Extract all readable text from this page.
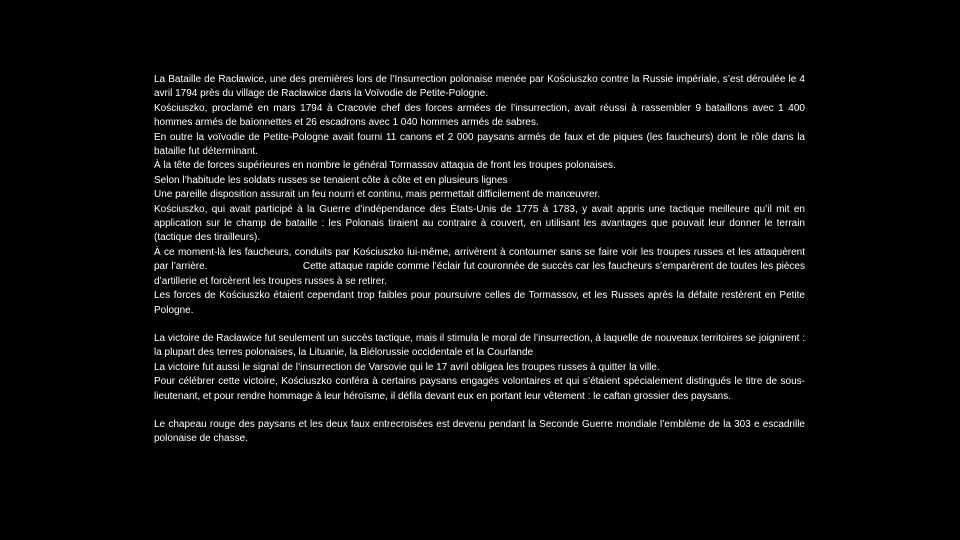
La Bataille de Racławice, une des premières lors de l’Insurrection polonaise menée par Kościuszko contre la Russie impériale, s’est déroulée le 4 avril 1794 près du village de Racławice dans la Voïvodie de Petite-Pologne.

Kościuszko, proclamé en mars 1794 à Cracovie chef des forces armées de l’insurrection, avait réussi à rassembler 9 bataillons avec 1 400 hommes armés de baïonnettes et 26 escadrons avec 1 040 hommes armés de sabres.

En outre la voïvodie de Petite-Pologne avait fourni 11 canons et 2 000 paysans armés de faux et de piques (les faucheurs) dont le rôle dans la bataille fut déterminant.

À la tête de forces supérieures en nombre le général Tormassov attaqua de front les troupes polonaises.

Selon l’habitude les soldats russes se tenaient côte à côte et en plusieurs lignes

Une pareille disposition assurait un feu nourri et continu, mais permettait difficilement de manœuvrer.

Kościuszko, qui avait participé à la Guerre d’indépendance des États-Unis de 1775 à 1783, y avait appris une tactique meilleure qu’il mit en application sur le champ de bataille : les Polonais tiraient au contraire à couvert, en utilisant les avantages que pouvait leur donner le terrain (tactique des tirailleurs).

À ce moment-là les faucheurs, conduits par Kościuszko lui-même, arrivèrent à contourner sans se faire voir les troupes russes et les attaquèrent par l’arrière.                                 Cette attaque rapide comme l’éclair fut couronnée de succès car les faucheurs s’emparèrent de toutes les pièces d’artillerie et forcèrent les troupes russes à se retirer.

Les forces de Kościuszko étaient cependant trop faibles pour poursuivre celles de Tormassov, et les Russes après la défaite restèrent en Petite Pologne.

La victoire de Racławice fut seulement un succès tactique, mais il stimula le moral de l’insurrection, à laquelle de nouveaux territoires se joignirent : la plupart des terres polonaises, la Lituanie, la Biélorussie occidentale et la Courlande

La victoire fut aussi le signal de l’insurrection de Varsovie qui le 17 avril obligea les troupes russes à quitter la ville.

Pour célébrer cette victoire, Kościuszko conféra à certains paysans engagés volontaires et qui s’étaient spécialement distingués le titre de sous-lieutenant, et pour rendre hommage à leur héroïsme, il défila devant eux en portant leur vêtement : le caftan grossier des paysans.

Le chapeau rouge des paysans et les deux faux entrecroisées est devenu pendant la Seconde Guerre mondiale l’emblème de la 303 e escadrille polonaise de chasse.
